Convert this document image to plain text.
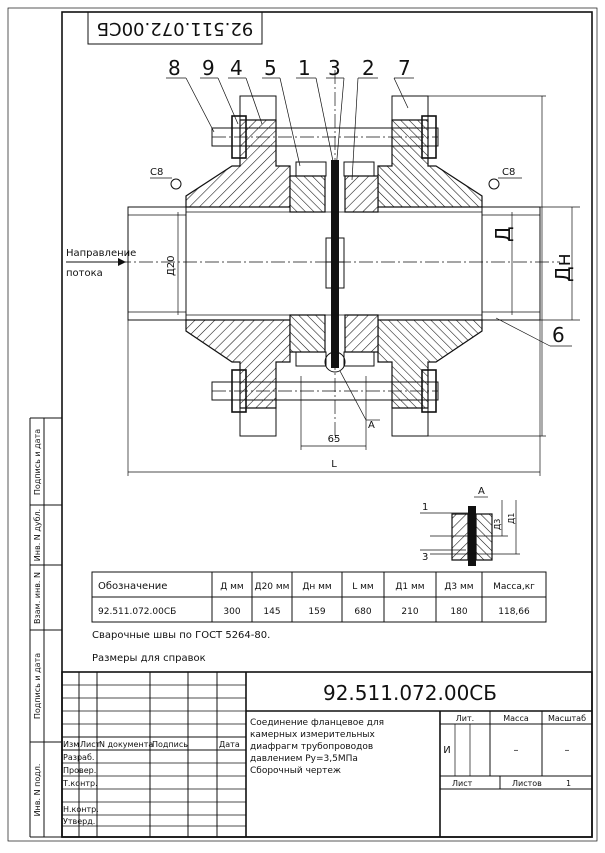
92.511.072.00СБ
Подпись и дата
Инв. N дубл.
Взам. инв. N
Подпись и дата
Инв. N подл.
А
65
L
8 9 4 5 1 3 2 7
С8	С8
Направление
потока	Д20
Д
Дн
6
А
Д3
Д1
1
3
Обозначение	Д мм Д20 мм Дн мм L мм Д1 мм Д3 мм Масса,кг
92.511.072.00СБ	300	145	159	680	210	180	118,66
Сварочные швы по ГОСТ 5264-80.
Размеры для справок
Изм Лист
N документа
Подпись	Дата
Разраб.
Провер.
Т.контр.
Н.контр.
Утверд.
92.511.072.00СБ
Соединение фланцевое для
камерных измерительных
диафрагм трубопроводов
давлением Ру=3,5МПа
Сборочный чертеж
Лит.	Масса Масштаб
И	–	–
Лист	Листов	1
